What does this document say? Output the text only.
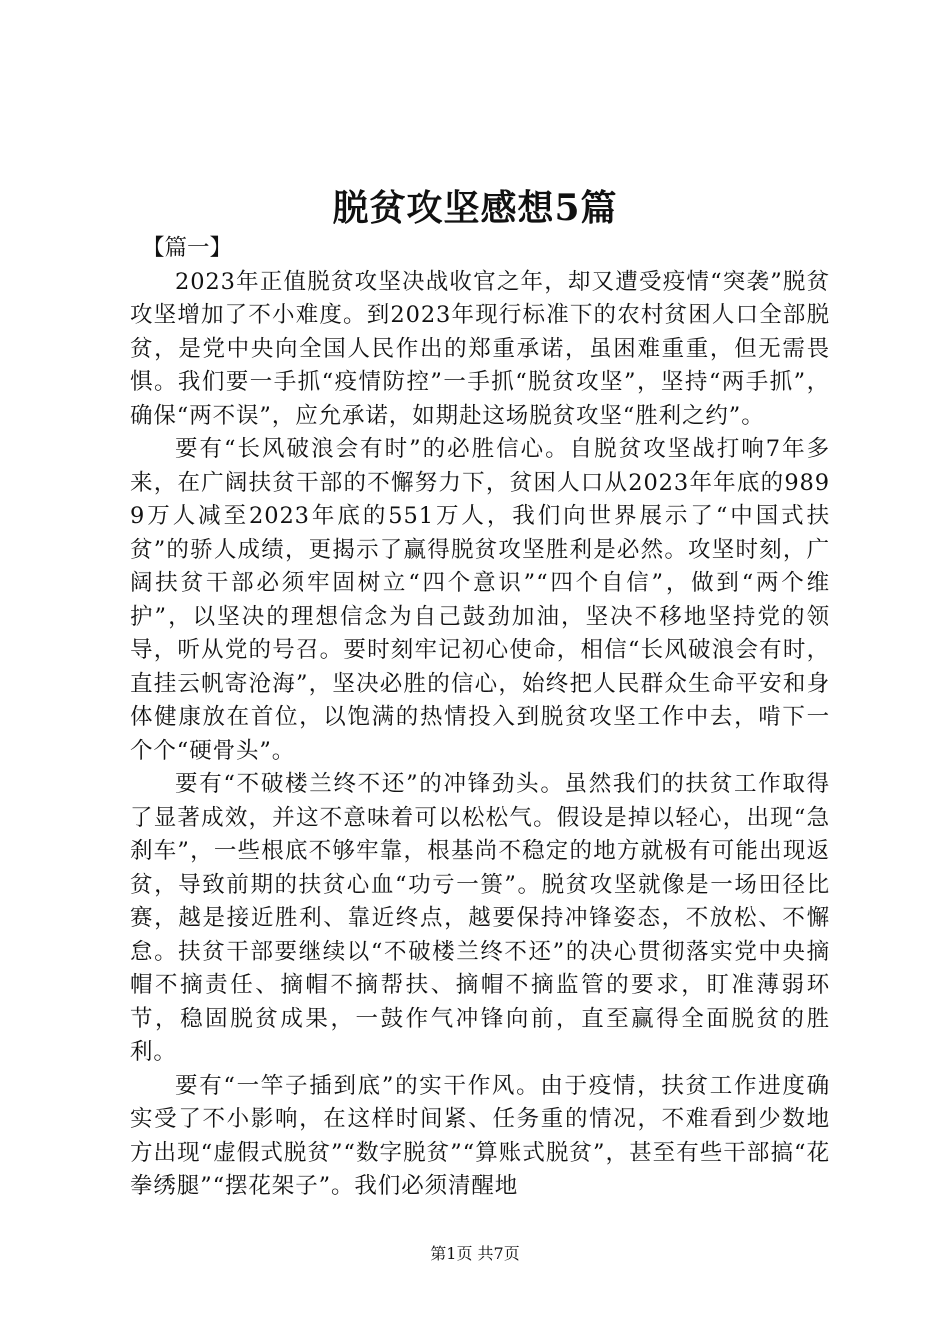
脱贫攻坚感想5篇

【篇一】

2023年正值脱贫攻坚决战收官之年，却又遭受疫情“突袭”脱贫攻坚增加了不小难度。到2023年现行标准下的农村贫困人口全部脱贫，是党中央向全国人民作出的郑重承诺，虽困难重重，但无需畏惧。我们要一手抓“疫情防控”一手抓“脱贫攻坚”，坚持“两手抓”，确保“两不误”，应允承诺，如期赴这场脱贫攻坚“胜利之约”。

要有“长风破浪会有时”的必胜信心。自脱贫攻坚战打响7年多来，在广阔扶贫干部的不懈努力下，贫困人口从2023年年底的9899万人减至2023年底的551万人，我们向世界展示了“中国式扶贫”的骄人成绩，更揭示了赢得脱贫攻坚胜利是必然。攻坚时刻，广阔扶贫干部必须牢固树立“四个意识”“四个自信”，做到“两个维护”，以坚决的理想信念为自己鼓劲加油，坚决不移地坚持党的领导，听从党的号召。要时刻牢记初心使命，相信“长风破浪会有时，直挂云帆寄沧海”，坚决必胜的信心，始终把人民群众生命平安和身体健康放在首位，以饱满的热情投入到脱贫攻坚工作中去，啃下一个个“硬骨头”。

要有“不破楼兰终不还”的冲锋劲头。虽然我们的扶贫工作取得了显著成效，并这不意味着可以松松气。假设是掉以轻心，出现“急刹车”，一些根底不够牢靠，根基尚不稳定的地方就极有可能出现返贫，导致前期的扶贫心血“功亏一篑”。脱贫攻坚就像是一场田径比赛，越是接近胜利、靠近终点，越要保持冲锋姿态，不放松、不懈怠。扶贫干部要继续以“不破楼兰终不还”的决心贯彻落实党中央摘帽不摘责任、摘帽不摘帮扶、摘帽不摘监管的要求，盯准薄弱环节，稳固脱贫成果，一鼓作气冲锋向前，直至赢得全面脱贫的胜利。

要有“一竿子插到底”的实干作风。由于疫情，扶贫工作进度确实受了不小影响，在这样时间紧、任务重的情况，不难看到少数地方出现“虚假式脱贫”“数字脱贫”“算账式脱贫”，甚至有些干部搞“花拳绣腿”“摆花架子”。我们必须清醒地

第1页 共7页
